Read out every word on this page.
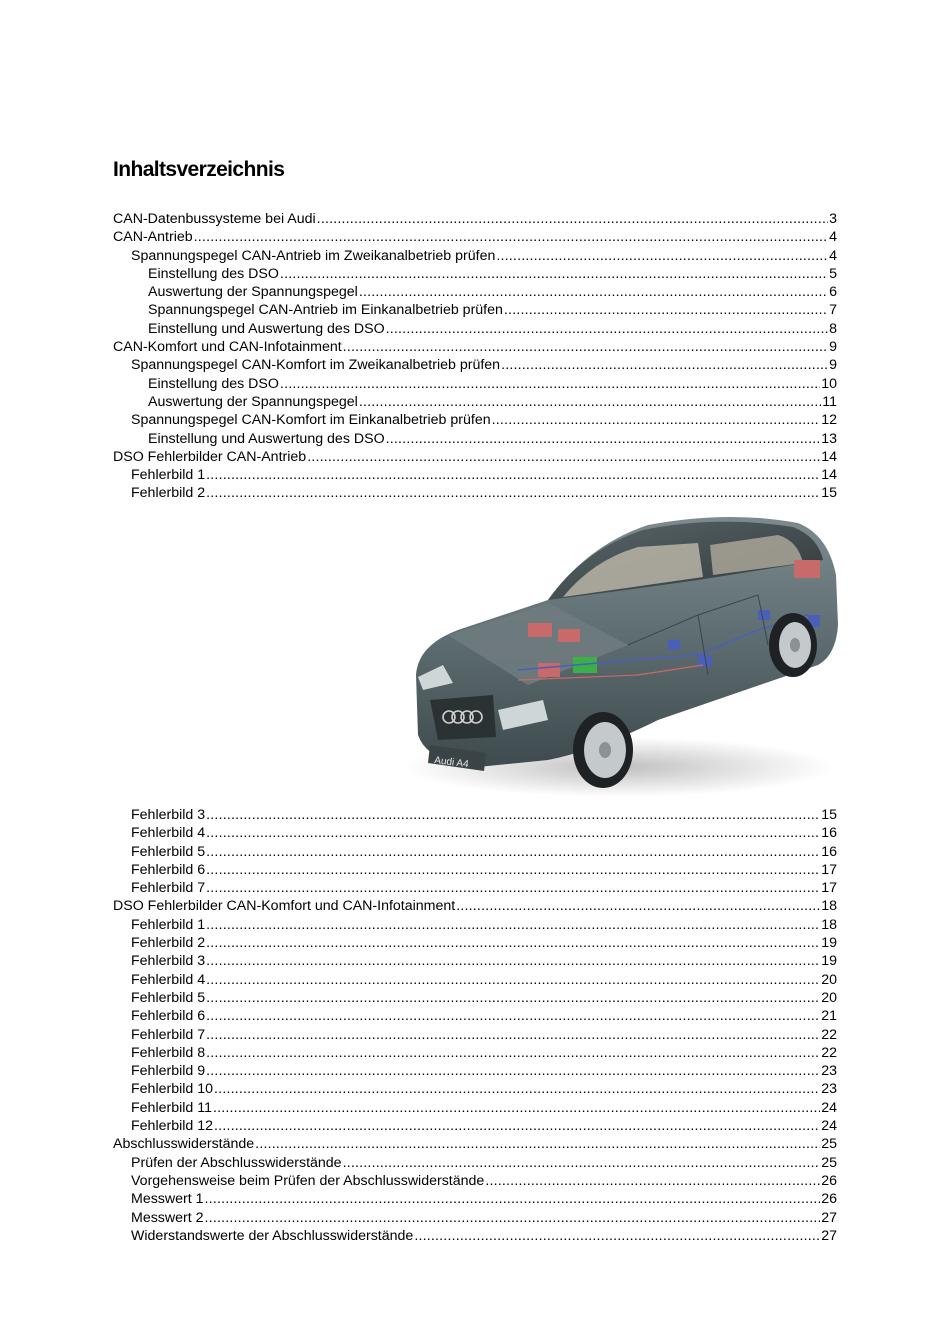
Inhaltsverzeichnis
CAN-Datenbussysteme bei Audi .....	3
CAN-Antrieb .....	4
Spannungspegel CAN-Antrieb im Zweikanalbetrieb prüfen .....	4
Einstellung des DSO .....	5
Auswertung der Spannungspegel .....	6
Spannungspegel CAN-Antrieb im Einkanalbetrieb prüfen .....	7
Einstellung und Auswertung des DSO .....	8
CAN-Komfort und CAN-Infotainment .....	9
Spannungspegel CAN-Komfort im Zweikanalbetrieb prüfen .....	9
Einstellung des DSO .....	10
Auswertung der Spannungspegel .....	11
Spannungspegel CAN-Komfort im Einkanalbetrieb prüfen .....	12
Einstellung und Auswertung des DSO .....	13
DSO Fehlerbilder CAN-Antrieb .....	14
Fehlerbild 1 .....	14
Fehlerbild 2 .....	15
Audi A4
Fehlerbild 3 .....	15
Fehlerbild 4 .....	16
Fehlerbild 5 .....	16
Fehlerbild 6 .....	17
Fehlerbild 7 .....	17
DSO Fehlerbilder CAN-Komfort und CAN-Infotainment .....	18
Fehlerbild 1 .....	18
Fehlerbild 2 .....	19
Fehlerbild 3 .....	19
Fehlerbild 4 .....	20
Fehlerbild 5 .....	20
Fehlerbild 6 .....	21
Fehlerbild 7 .....	22
Fehlerbild 8 .....	22
Fehlerbild 9 .....	23
Fehlerbild 10 .....	23
Fehlerbild 11 .....	24
Fehlerbild 12 .....	24
Abschlusswiderstände .....	25
Prüfen der Abschlusswiderstände .....	25
Vorgehensweise beim Prüfen der Abschlusswiderstände .....	26
Messwert 1 .....	26
Messwert 2 .....	27
Widerstandswerte der Abschlusswiderstände .....	27
